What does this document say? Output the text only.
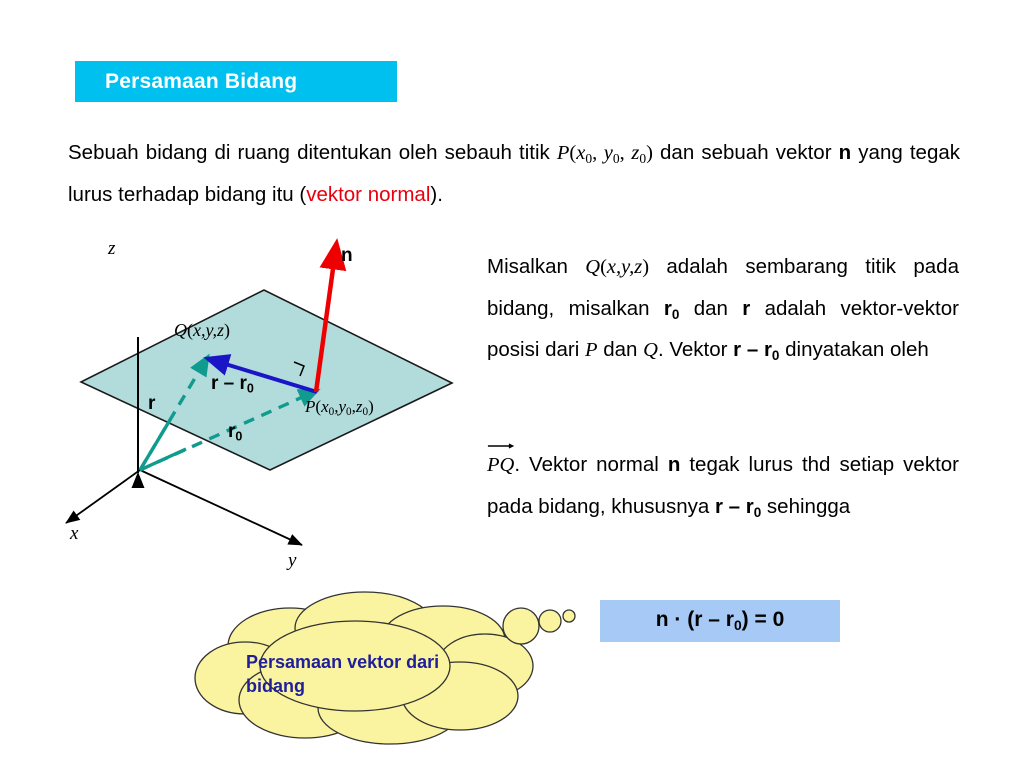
Persamaan Bidang
Sebuah bidang di ruang ditentukan oleh sebauh titik $P(x_0$, $y_0$, $z_0$) dan sebuah vektor n yang tegak lurus terhadap bidang itu (vektor normal).
Misalkan Q(x,y,z) adalah sembarang titik pada bidang, misalkan $r_0$ dan r adalah vektor-vektor posisi dari P dan Q. Vektor r – $r_0$ dinyatakan oleh
PQ. Vektor normal n tegak lurus thd setiap vektor pada bidang, khususnya r – $r_0$ sehingga
z
x
y
n
Q(x,y,z)
$P(x_0,y_0,z_0)$
r – $r_0$
r
$r_0$
$n \cdot (r - r_0) = 0$
Persamaan vektor dari
bidang
